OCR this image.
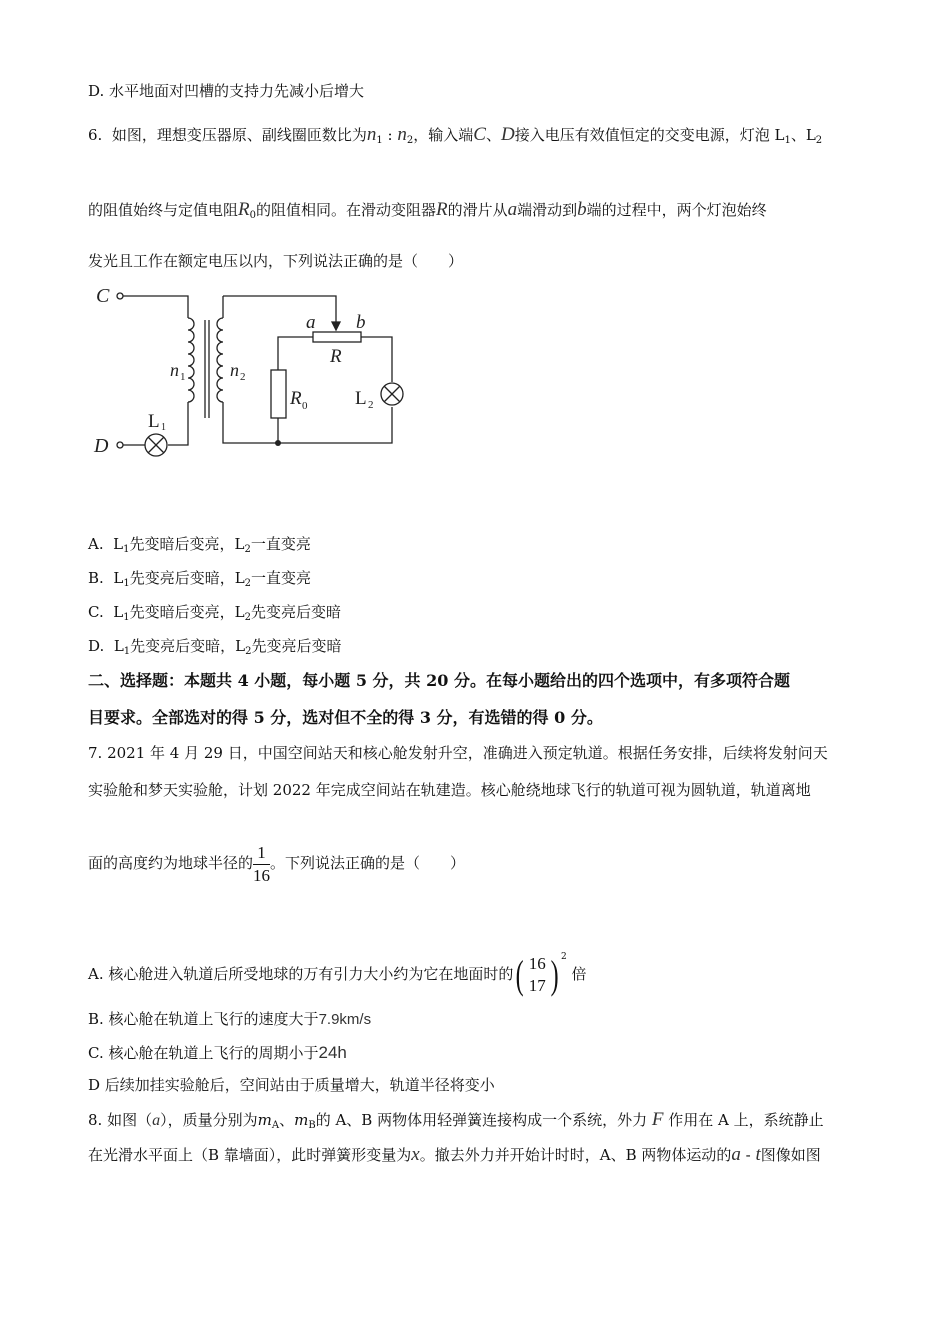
D. 水平地面对凹槽的支持力先减小后增大
6. 如图，理想变压器原、副线圈匝数比为$n_1$ : $n_2$，输入端C、D接入电压有效值恒定的交变电源，灯泡 $L_1$、$L_2$
的阻值始终与定值电阻$R_0$的阻值相同。在滑动变阻器R的滑片从a端滑动到b端的过程中，两个灯泡始终
发光且工作在额定电压以内，下列说法正确的是（　　）
C
D
n 1 n 2
a b
R
R 0	L 2
L 1
A. $L_1$先变暗后变亮，$L_2$一直变亮
B. $L_1$先变亮后变暗，$L_2$一直变亮
C. $L_1$先变暗后变亮，$L_2$先变亮后变暗
D. $L_1$先变亮后变暗，$L_2$先变亮后变暗
二、选择题：本题共 4 小题，每小题 5 分，共 20 分。在每小题给出的四个选项中，有多项符合题
目要求。全部选对的得 5 分，选对但不全的得 3 分，有选错的得 0 分。
7. 2021 年 4 月 29 日，中国空间站天和核心舱发射升空，准确进入预定轨道。根据任务安排，后续将发射问天
实验舱和梦天实验舱，计划 2022 年完成空间站在轨建造。核心舱绕地球飞行的轨道可视为圆轨道，轨道离地
面的高度约为地球半径的 $\frac{1}{16}$ 。下列说法正确的是（　　）
A. 核心舱进入轨道后所受地球的万有引力大小约为它在地面时的( 16
17 ) $^2$ 倍
B. 核心舱在轨道上飞行的速度大于7.9km/s
C. 核心舱在轨道上飞行的周期小于24h
D 后续加挂实验舱后，空间站由于质量增大，轨道半径将变小
8. 如图（a），质量分别为$m_A$、$m_B$的 A、B 两物体用轻弹簧连接构成一个系统，外力 F 作用在 A 上，系统静止
在光滑水平面上（B 靠墙面），此时弹簧形变量为x。撤去外力并开始计时时，A、B 两物体运动的a - t图像如图
